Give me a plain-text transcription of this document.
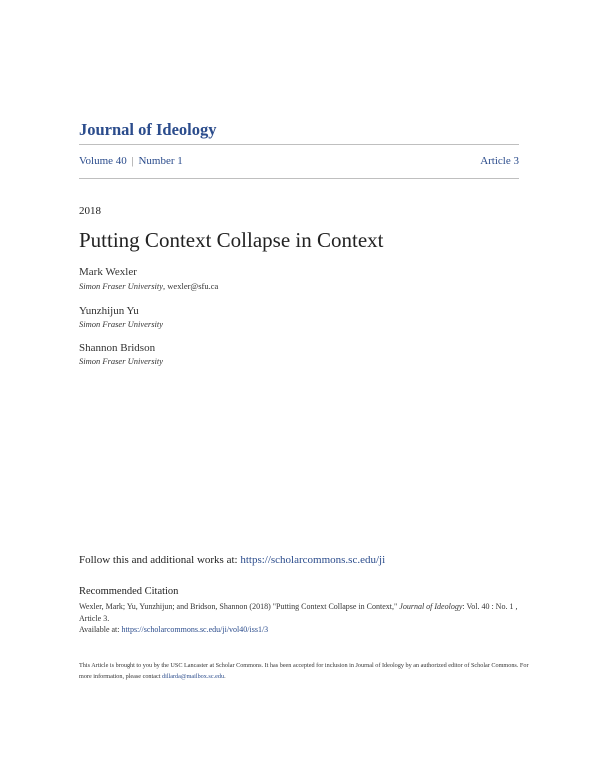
Journal of Ideology
Volume 40 | Number 1	Article 3
2018
Putting Context Collapse in Context
Mark Wexler
Simon Fraser University, wexler@sfu.ca
Yunzhijun Yu
Simon Fraser University
Shannon Bridson
Simon Fraser University
Follow this and additional works at: https://scholarcommons.sc.edu/ji
Recommended Citation
Wexler, Mark; Yu, Yunzhijun; and Bridson, Shannon (2018) "Putting Context Collapse in Context," Journal of Ideology: Vol. 40 : No. 1 , Article 3.
Available at: https://scholarcommons.sc.edu/ji/vol40/iss1/3
This Article is brought to you by the USC Lancaster at Scholar Commons. It has been accepted for inclusion in Journal of Ideology by an authorized editor of Scholar Commons. For more information, please contact dillarda@mailbox.sc.edu.
